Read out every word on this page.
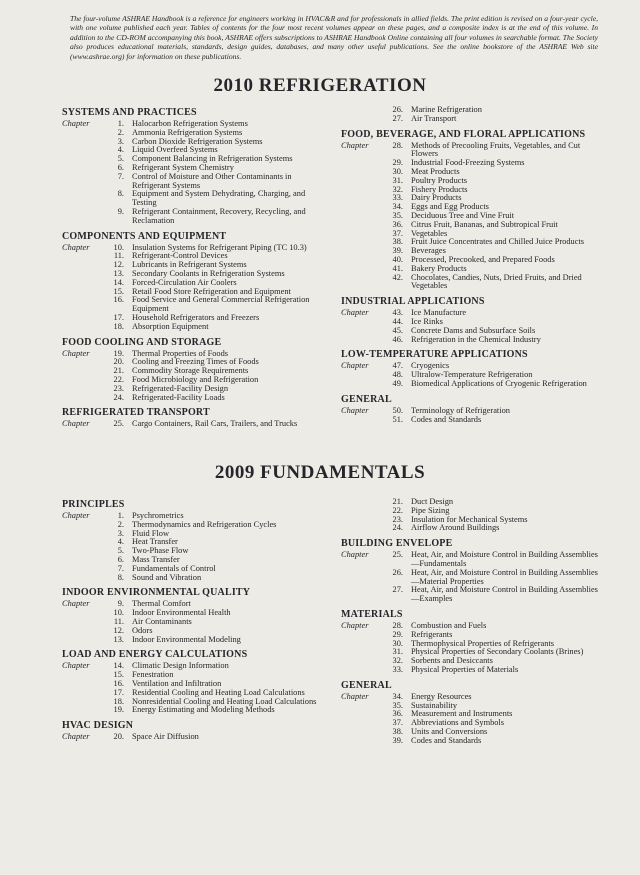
The four-volume ASHRAE Handbook is a reference for engineers working in HVAC&R and for professionals in allied fields. The print edition is revised on a four-year cycle, with one volume published each year. Tables of contents for the four most recent volumes appear on these pages, and a composite index is at the end of this volume. In addition to the CD-ROM accompanying this book, ASHRAE offers subscriptions to ASHRAE Handbook Online containing all four volumes in searchable format. The Society also produces educational materials, standards, design guides, databases, and many other useful publications. See the online bookstore of the ASHRAE Web site (www.ashrae.org) for information on these publications.
2010 REFRIGERATION
SYSTEMS AND PRACTICES
Chapter	1. Halocarbon Refrigeration Systems
2. Ammonia Refrigeration Systems
3. Carbon Dioxide Refrigeration Systems
4. Liquid Overfeed Systems
5. Component Balancing in Refrigeration Systems
6. Refrigerant System Chemistry
7. Control of Moisture and Other Contaminants in Refrigerant Systems
8. Equipment and System Dehydrating, Charging, and Testing
9. Refrigerant Containment, Recovery, Recycling, and Reclamation
COMPONENTS AND EQUIPMENT
Chapter	10. Insulation Systems for Refrigerant Piping (TC 10.3)
11. Refrigerant-Control Devices
12. Lubricants in Refrigerant Systems
13. Secondary Coolants in Refrigeration Systems
14. Forced-Circulation Air Coolers
15. Retail Food Store Refrigeration and Equipment
16. Food Service and General Commercial Refrigeration Equipment
17. Household Refrigerators and Freezers
18. Absorption Equipment
FOOD COOLING AND STORAGE
Chapter	19. Thermal Properties of Foods
20. Cooling and Freezing Times of Foods
21. Commodity Storage Requirements
22. Food Microbiology and Refrigeration
23. Refrigerated-Facility Design
24. Refrigerated-Facility Loads
REFRIGERATED TRANSPORT
Chapter	25. Cargo Containers, Rail Cars, Trailers, and Trucks
26. Marine Refrigeration
27. Air Transport
FOOD, BEVERAGE, AND FLORAL APPLICATIONS
Chapter	28. Methods of Precooling Fruits, Vegetables, and Cut Flowers
29. Industrial Food-Freezing Systems
30. Meat Products
31. Poultry Products
32. Fishery Products
33. Dairy Products
34. Eggs and Egg Products
35. Deciduous Tree and Vine Fruit
36. Citrus Fruit, Bananas, and Subtropical Fruit
37. Vegetables
38. Fruit Juice Concentrates and Chilled Juice Products
39. Beverages
40. Processed, Precooked, and Prepared Foods
41. Bakery Products
42. Chocolates, Candies, Nuts, Dried Fruits, and Dried Vegetables
INDUSTRIAL APPLICATIONS
Chapter	43. Ice Manufacture
44. Ice Rinks
45. Concrete Dams and Subsurface Soils
46. Refrigeration in the Chemical Industry
LOW-TEMPERATURE APPLICATIONS
Chapter	47. Cryogenics
48. Ultralow-Temperature Refrigeration
49. Biomedical Applications of Cryogenic Refrigeration
GENERAL
Chapter	50. Terminology of Refrigeration
51. Codes and Standards
2009 FUNDAMENTALS
PRINCIPLES
Chapter	1. Psychrometrics
2. Thermodynamics and Refrigeration Cycles
3. Fluid Flow
4. Heat Transfer
5. Two-Phase Flow
6. Mass Transfer
7. Fundamentals of Control
8. Sound and Vibration
INDOOR ENVIRONMENTAL QUALITY
Chapter	9. Thermal Comfort
10. Indoor Environmental Health
11. Air Contaminants
12. Odors
13. Indoor Environmental Modeling
LOAD AND ENERGY CALCULATIONS
Chapter	14. Climatic Design Information
15. Fenestration
16. Ventilation and Infiltration
17. Residential Cooling and Heating Load Calculations
18. Nonresidential Cooling and Heating Load Calculations
19. Energy Estimating and Modeling Methods
HVAC DESIGN
Chapter	20. Space Air Diffusion
21. Duct Design
22. Pipe Sizing
23. Insulation for Mechanical Systems
24. Airflow Around Buildings
BUILDING ENVELOPE
Chapter	25. Heat, Air, and Moisture Control in Building Assemblies—Fundamentals
26. Heat, Air, and Moisture Control in Building Assemblies—Material Properties
27. Heat, Air, and Moisture Control in Building Assemblies—Examples
MATERIALS
Chapter	28. Combustion and Fuels
29. Refrigerants
30. Thermophysical Properties of Refrigerants
31. Physical Properties of Secondary Coolants (Brines)
32. Sorbents and Desiccants
33. Physical Properties of Materials
GENERAL
Chapter	34. Energy Resources
35. Sustainability
36. Measurement and Instruments
37. Abbreviations and Symbols
38. Units and Conversions
39. Codes and Standards
